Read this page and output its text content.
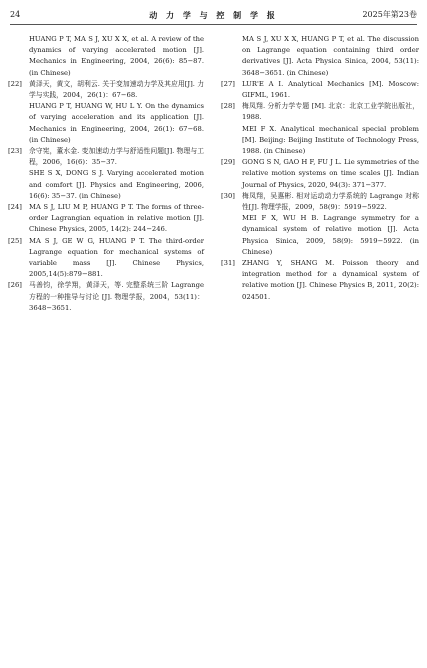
24	动 力 学 与 控 制 学 报	2025年第23卷
HUANG P T, MA S J, XU X X, et al. A review of the dynamics of varying accelerated motion [J]. Mechanics in Engineering, 2004, 26(6): 85−87. (in Chinese)
[22] 黄泽天，黄文，胡利云. 关于变加速动力学及其应用[J]. 力学与实践，2004，26(1)：67−68.
HUANG P T, HUANG W, HU L Y. On the dynamics of varying acceleration and its application [J]. Mechanics in Engineering, 2004, 26(1): 67−68. (in Chinese)
[23] 佘守宪，董水金. 变加速动力学与舒适性问题[J]. 物理与工程，2006，16(6)：35−37.
SHE S X, DONG S J. Varying accelerated motion and comfort [J]. Physics and Engineering, 2006, 16(6): 35−37. (in Chinese)
[24] MA S J, LIU M P, HUANG P T. The forms of three-order Lagrangian equation in relative motion [J]. Chinese Physics, 2005, 14(2): 244−246.
[25] MA S J, GE W G, HUANG P T. The third-order Lagrange equation for mechanical systems of variable mass [J]. Chinese Physics, 2005,14(5):879−881.
[26] 马善钧，徐学翔，黄泽天，等. 完整系统三阶 Lagrange 方程的一种推导与讨论 [J]. 物理学报，2004，53(11)：3648−3651.
MA S J, XU X X, HUANG P T, et al. The discussion on Lagrange equation containing third order derivatives [J]. Acta Physica Sinica, 2004, 53(11): 3648−3651. (in Chinese)
[27] LUR'E A I. Analytical Mechanics [M]. Moscow: GIFML, 1961.
[28] 梅凤翔. 分析力学专题 [M]. 北京：北京工业学院出版社，1988.
MEI F X. Analytical mechanical special problem [M]. Beijing: Beijing Institute of Technology Press, 1988. (in Chinese)
[29] GONG S N, GAO H F, FU J L. Lie symmetries of the relative motion systems on time scales [J]. Indian Journal of Physics, 2020, 94(3): 371−377.
[30] 梅凤翔，吴惠彬. 相对运动动力学系统的 Lagrange 对称性[J]. 物理学报，2009，58(9)：5919−5922.
MEI F X, WU H B. Lagrange symmetry for a dynamical system of relative motion [J]. Acta Physica Sinica, 2009, 58(9): 5919−5922. (in Chinese)
[31] ZHANG Y, SHANG M. Poisson theory and integration method for a dynamical system of relative motion [J]. Chinese Physics B, 2011, 20(2): 024501.
